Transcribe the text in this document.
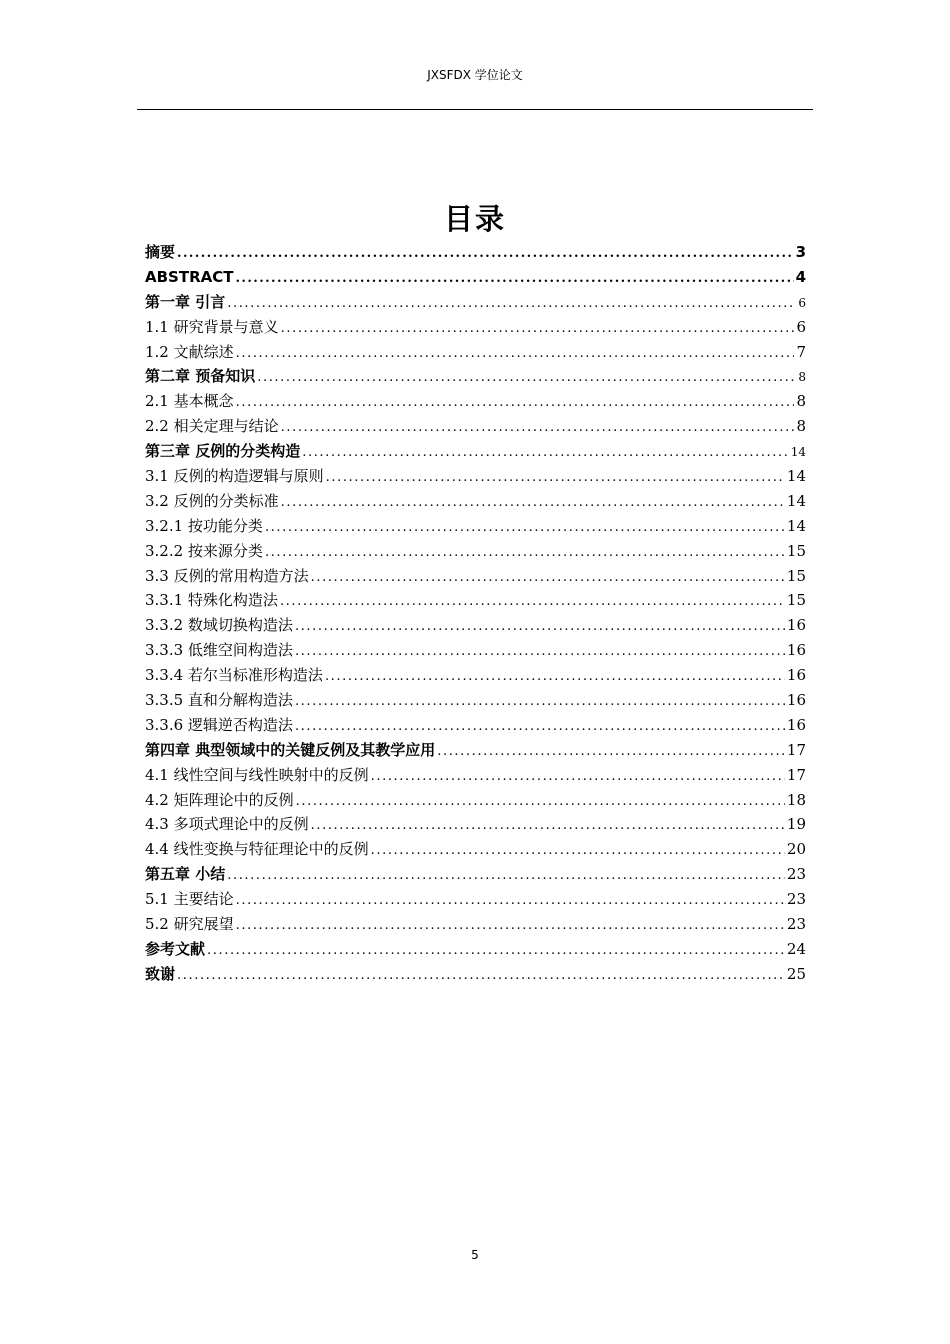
JXSFDX 学位论文
目录
摘要 .....	3
ABSTRACT .....	4
第一章 引言 .....	6
1.1 研究背景与意义 .....	6
1.2 文献综述 .....	7
第二章 预备知识 .....	8
2.1 基本概念 .....	8
2.2 相关定理与结论 .....	8
第三章 反例的分类构造 .....	14
3.1 反例的构造逻辑与原则 .....	14
3.2 反例的分类标准 .....	14
3.2.1 按功能分类 .....	14
3.2.2 按来源分类 .....	15
3.3 反例的常用构造方法 .....	15
3.3.1 特殊化构造法 .....	15
3.3.2 数域切换构造法 .....	16
3.3.3 低维空间构造法 .....	16
3.3.4 若尔当标准形构造法 .....	16
3.3.5 直和分解构造法 .....	16
3.3.6 逻辑逆否构造法 .....	16
第四章 典型领域中的关键反例及其教学应用 .....	17
4.1 线性空间与线性映射中的反例 .....	17
4.2 矩阵理论中的反例 .....	18
4.3 多项式理论中的反例 .....	19
4.4 线性变换与特征理论中的反例 .....	20
第五章 小结 .....	23
5.1 主要结论 .....	23
5.2 研究展望 .....	23
参考文献 .....	24
致谢 .....	25
5
